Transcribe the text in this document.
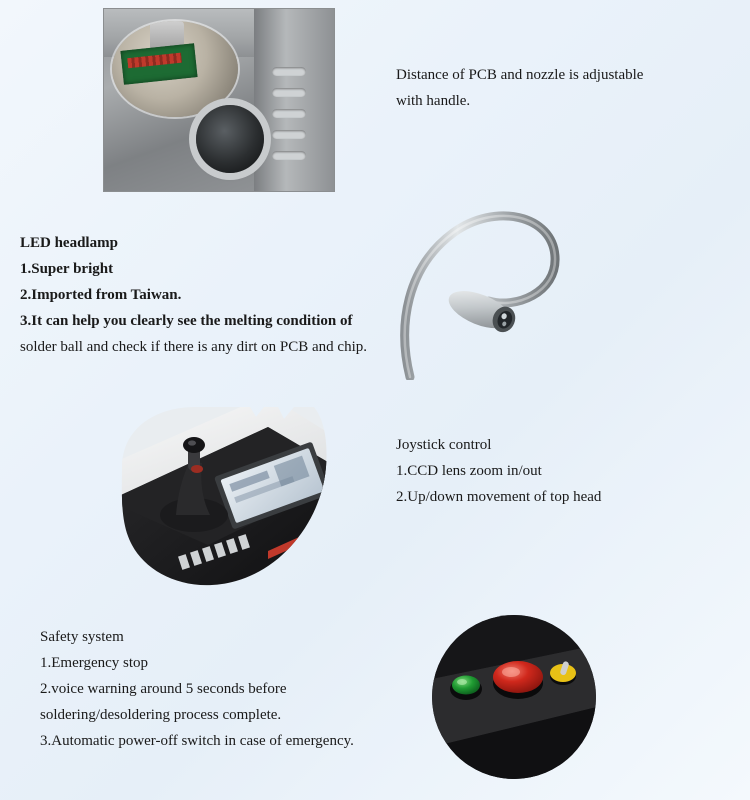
Distance of PCB and nozzle is adjustable
with handle.
LED headlamp
1.Super bright
2.Imported from Taiwan.
3.It can help you clearly see the melting condition of
solder ball and check if there is any dirt on PCB and chip.
Joystick control
1.CCD lens zoom in/out
2.Up/down movement of top head
Safety system
1.Emergency stop
2.voice warning around 5 seconds before
soldering/desoldering process complete.
3.Automatic power-off switch in case of emergency.
